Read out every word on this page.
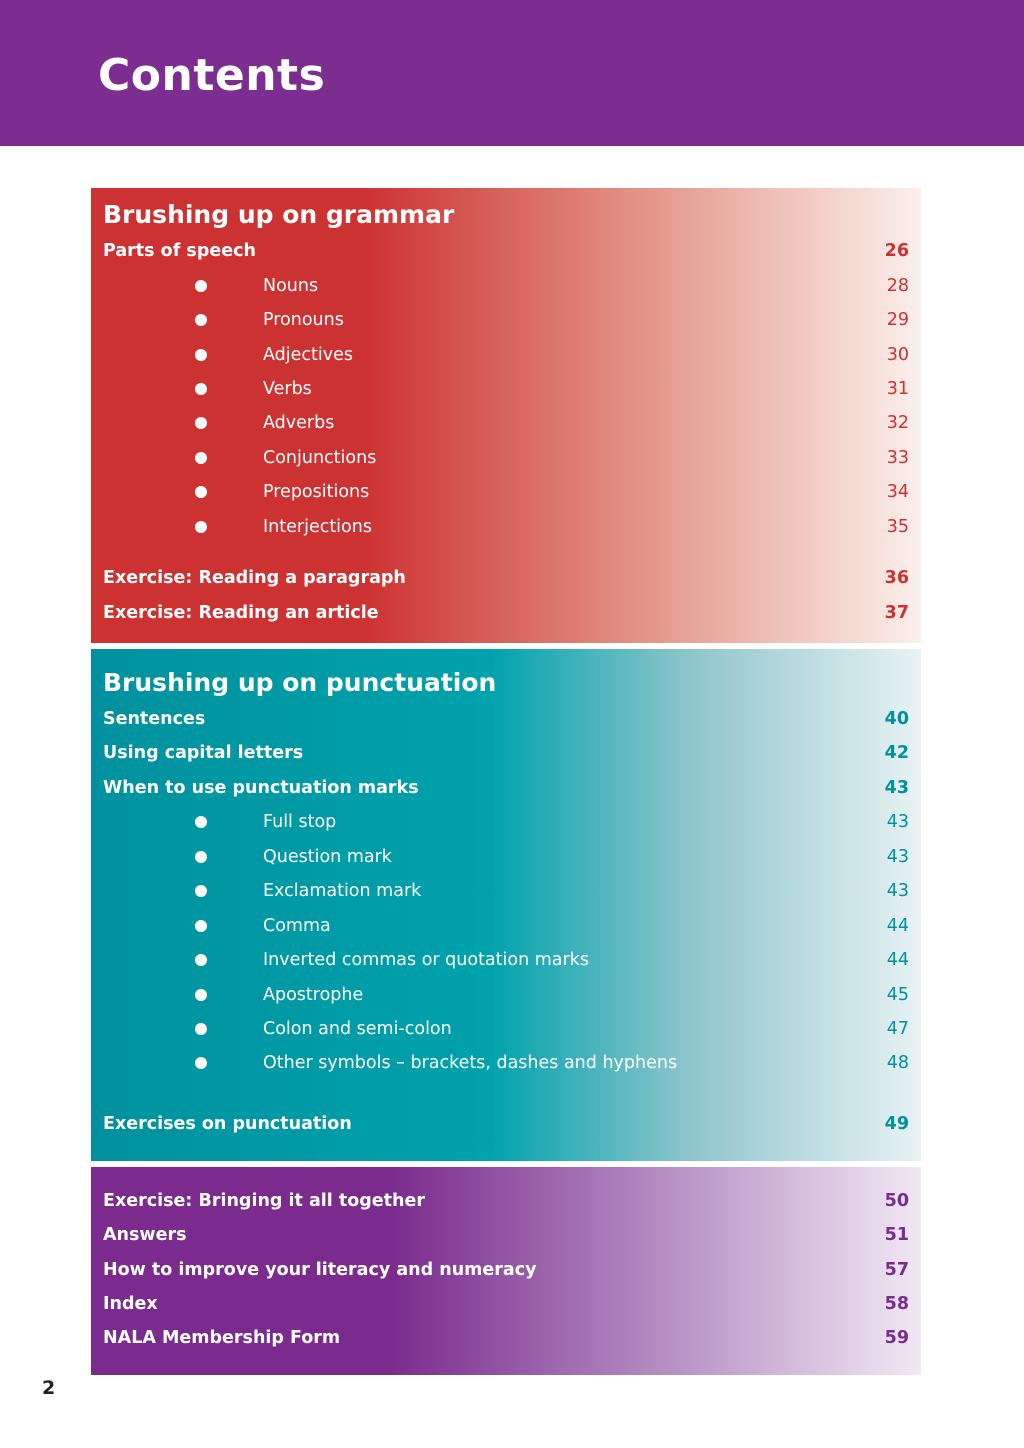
Contents
Brushing up on grammar
Parts of speech	26
Nouns	28
Pronouns	29
Adjectives	30
Verbs	31
Adverbs	32
Conjunctions	33
Prepositions	34
Interjections	35
Exercise: Reading a paragraph	36
Exercise: Reading an article	37
Brushing up on punctuation
Sentences	40
Using capital letters	42
When to use punctuation marks	43
Full stop	43
Question mark	43
Exclamation mark	43
Comma	44
Inverted commas or quotation marks	44
Apostrophe	45
Colon and semi-colon	47
Other symbols – brackets, dashes and hyphens	48
Exercises on punctuation	49
Exercise: Bringing it all together	50
Answers	51
How to improve your literacy and numeracy	57
Index	58
NALA Membership Form	59
2
